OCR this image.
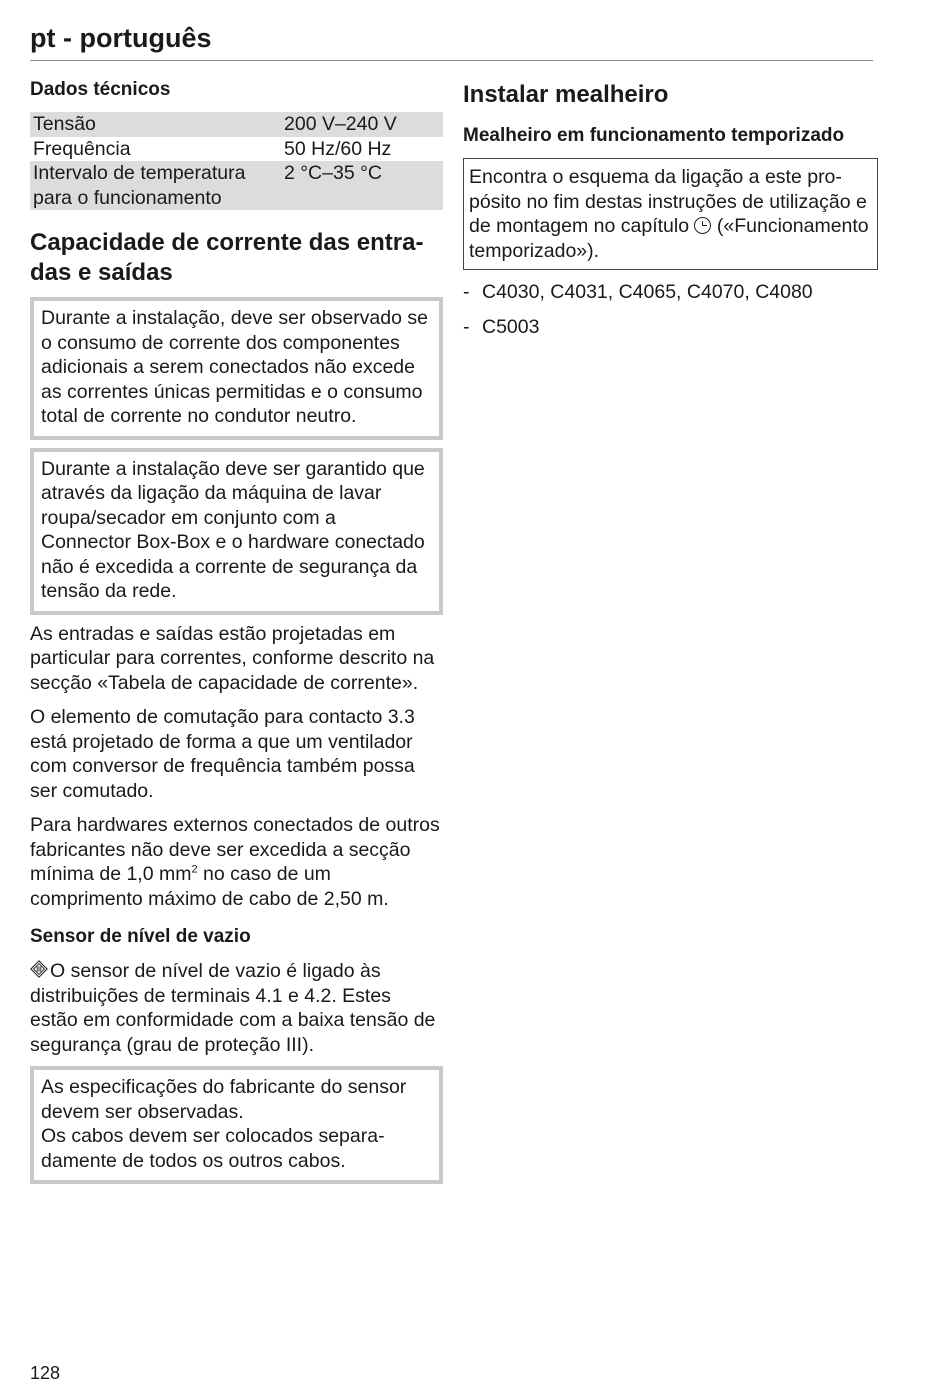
pt - português

Dados técnicos

Tensão	200 V–240 V
Frequência	50 Hz/60 Hz
Intervalo de temperatura para o funcionamento	2 °C–35 °C

Capacidade de corrente das entradas e saídas

Durante a instalação, deve ser observado se o consumo de corrente dos componentes adicionais a serem conectados não excede as correntes únicas permitidas e o consumo total de corrente no condutor neutro.
Durante a instalação deve ser garantido que através da ligação da máquina de lavar roupa/secador em conjunto com a Connector Box-Box e o hardware conectado não é excedida a corrente de segurança da tensão da rede.

As entradas e saídas estão projetadas em particular para correntes, conforme descrito na secção «Tabela de capacidade de corrente».

O elemento de comutação para contacto 3.3 está projetado de forma a que um ventilador com conversor de frequência também possa ser comutado.

Para hardwares externos conectados de outros fabricantes não deve ser excedida a secção mínima de 1,0 $mm^2$ no caso de um comprimento máximo de cabo de 2,50 m.

Sensor de nível de vazio

O sensor de nível de vazio é ligado às distribuições de terminais 4.1 e 4.2. Estes estão em conformidade com a baixa tensão de segurança (grau de proteção III).

As especificações do fabricante do sensor devem ser observadas.
Os cabos devem ser colocados separadamente de todos os outros cabos.

Instalar mealheiro

Mealheiro em funcionamento temporizado

Encontra o esquema da ligação a este propósito no fim destas instruções de utilização e de montagem no capítulo  («Funcionamento temporizado»).
- C4030, C4031, C4065, C4070, C4080
- C5003
128
